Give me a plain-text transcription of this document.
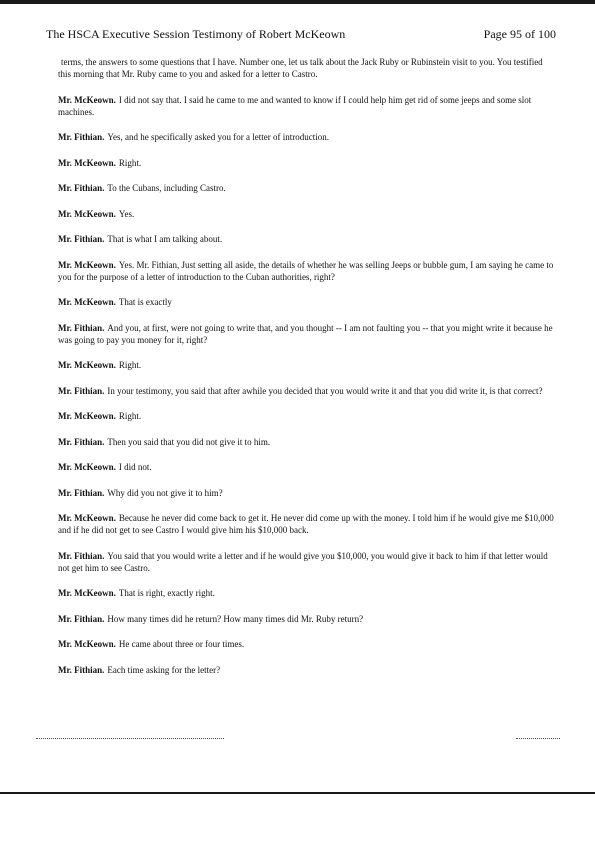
The HSCA Executive Session Testimony of Robert McKeown	Page 95 of 100

terms, the answers to some questions that I have. Number one, let us talk about the Jack Ruby or Rubinstein visit to you. You testified this morning that Mr. Ruby came to you and asked for a letter to Castro.

Mr. McKeown. I did not say that. I said he came to me and wanted to know if I could help him get rid of some jeeps and some slot machines.

Mr. Fithian. Yes, and he specifically asked you for a letter of introduction.

Mr. McKeown. Right.

Mr. Fithian. To the Cubans, including Castro.

Mr. McKeown. Yes.

Mr. Fithian. That is what I am talking about.

Mr. McKeown. Yes. Mr. Fithian, Just setting all aside, the details of whether he was selling Jeeps or bubble gum, I am saying he came to you for the purpose of a letter of introduction to the Cuban authorities, right?

Mr. McKeown. That is exactly

Mr. Fithian. And you, at first, were not going to write that, and you thought -- I am not faulting you -- that you might write it because he was going to pay you money for it, right?

Mr. McKeown. Right.

Mr. Fithian. In your testimony, you said that after awhile you decided that you would write it and that you did write it, is that correct?

Mr. McKeown. Right.

Mr. Fithian. Then you said that you did not give it to him.

Mr. McKeown. I did not.

Mr. Fithian. Why did you not give it to him?

Mr. McKeown. Because he never did come back to get it. He never did come up with the money. I told him if he would give me $10,000 and if he did not get to see Castro I would give him his $10,000 back.

Mr. Fithian. You said that you would write a letter and if he would give you $10,000, you would give it back to him if that letter would not get him to see Castro.

Mr. McKeown. That is right, exactly right.

Mr. Fithian. How many times did he return? How many times did Mr. Ruby return?

Mr. McKeown. He came about three or four times.

Mr. Fithian. Each time asking for the letter?
